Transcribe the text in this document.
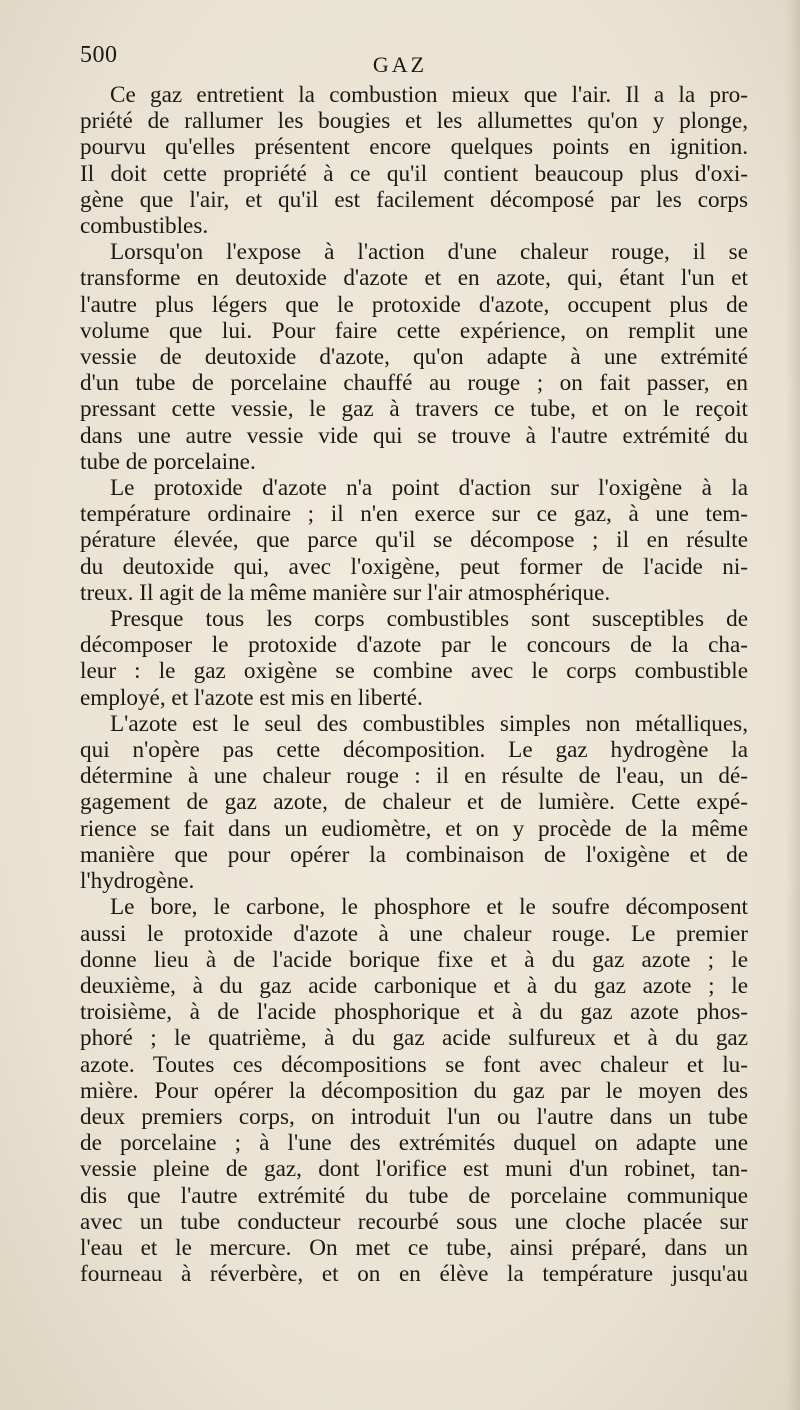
500	GAZ
Ce gaz entretient la combustion mieux que l'air. Il a la pro-
priété de rallumer les bougies et les allumettes qu'on y plonge,
pourvu qu'elles présentent encore quelques points en ignition.
Il doit cette propriété à ce qu'il contient beaucoup plus d'oxi-
gène que l'air, et qu'il est facilement décomposé par les corps
combustibles.
Lorsqu'on l'expose à l'action d'une chaleur rouge, il se
transforme en deutoxide d'azote et en azote, qui, étant l'un et
l'autre plus légers que le protoxide d'azote, occupent plus de
volume que lui. Pour faire cette expérience, on remplit une
vessie de deutoxide d'azote, qu'on adapte à une extrémité
d'un tube de porcelaine chauffé au rouge ; on fait passer, en
pressant cette vessie, le gaz à travers ce tube, et on le reçoit
dans une autre vessie vide qui se trouve à l'autre extrémité du
tube de porcelaine.
Le protoxide d'azote n'a point d'action sur l'oxigène à la
température ordinaire ; il n'en exerce sur ce gaz, à une tem-
pérature élevée, que parce qu'il se décompose ; il en résulte
du deutoxide qui, avec l'oxigène, peut former de l'acide ni-
treux. Il agit de la même manière sur l'air atmosphérique.
Presque tous les corps combustibles sont susceptibles de
décomposer le protoxide d'azote par le concours de la cha-
leur : le gaz oxigène se combine avec le corps combustible
employé, et l'azote est mis en liberté.
L'azote est le seul des combustibles simples non métalliques,
qui n'opère pas cette décomposition. Le gaz hydrogène la
détermine à une chaleur rouge : il en résulte de l'eau, un dé-
gagement de gaz azote, de chaleur et de lumière. Cette expé-
rience se fait dans un eudiomètre, et on y procède de la même
manière que pour opérer la combinaison de l'oxigène et de
l'hydrogène.
Le bore, le carbone, le phosphore et le soufre décomposent
aussi le protoxide d'azote à une chaleur rouge. Le premier
donne lieu à de l'acide borique fixe et à du gaz azote ; le
deuxième, à du gaz acide carbonique et à du gaz azote ; le
troisième, à de l'acide phosphorique et à du gaz azote phos-
phoré ; le quatrième, à du gaz acide sulfureux et à du gaz
azote. Toutes ces décompositions se font avec chaleur et lu-
mière. Pour opérer la décomposition du gaz par le moyen des
deux premiers corps, on introduit l'un ou l'autre dans un tube
de porcelaine ; à l'une des extrémités duquel on adapte une
vessie pleine de gaz, dont l'orifice est muni d'un robinet, tan-
dis que l'autre extrémité du tube de porcelaine communique
avec un tube conducteur recourbé sous une cloche placée sur
l'eau et le mercure. On met ce tube, ainsi préparé, dans un
fourneau à réverbère, et on en élève la température jusqu'au
